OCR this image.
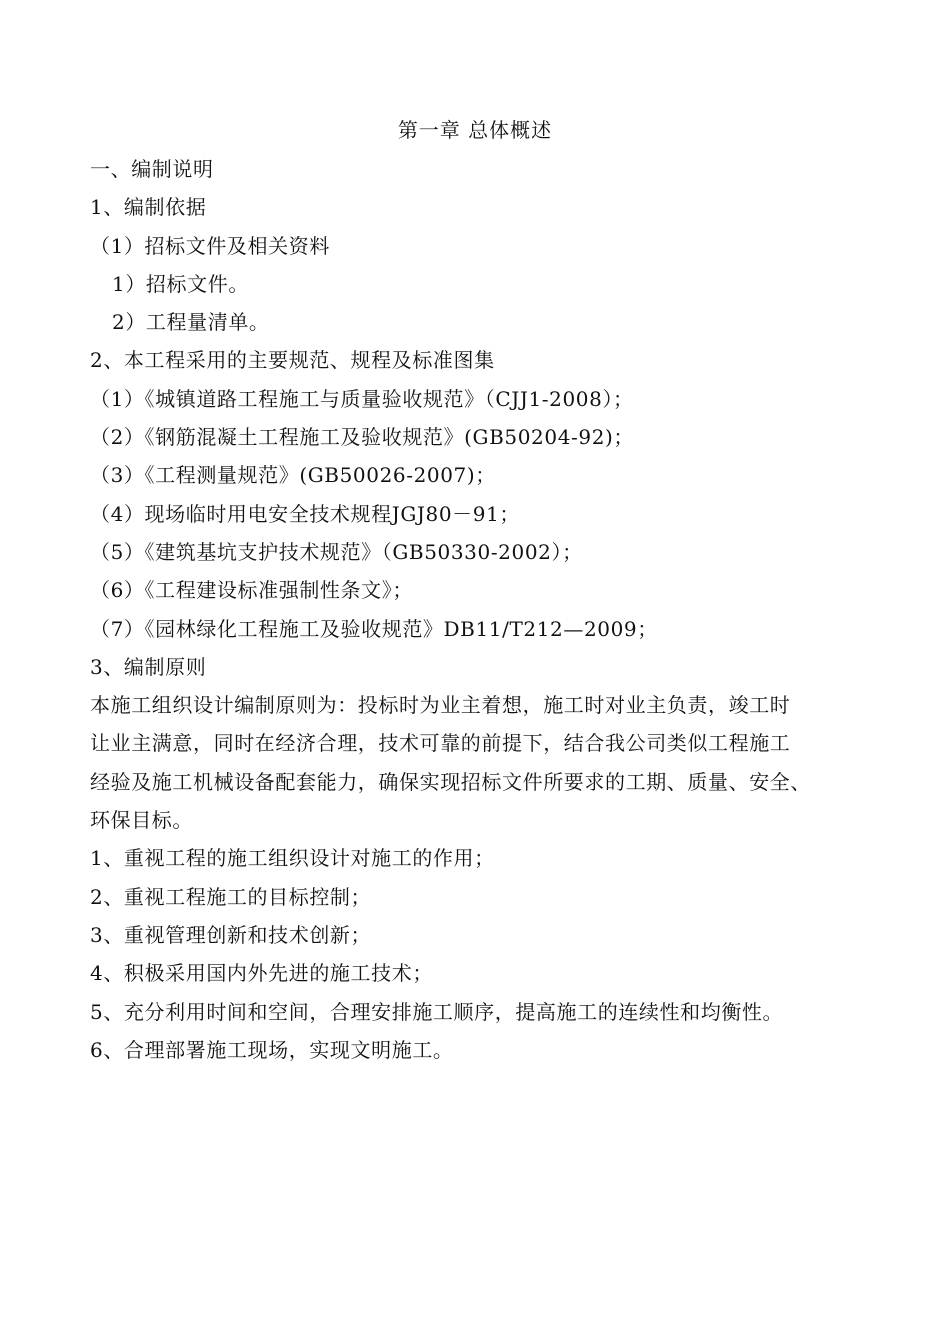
第一章 总体概述
一、编制说明
1、编制依据
（1）招标文件及相关资料
1）招标文件。
2）工程量清单。
2、本工程采用的主要规范、规程及标准图集
（1）《城镇道路工程施工与质量验收规范》（CJJ1-2008）；
（2）《钢筋混凝土工程施工及验收规范》(GB50204-92)；
（3）《工程测量规范》(GB50026-2007)；
（4）现场临时用电安全技术规程JGJ80－91；
（5）《建筑基坑支护技术规范》（GB50330-2002）；
（6）《工程建设标准强制性条文》；
（7）《园林绿化工程施工及验收规范》DB11/T212—2009；
3、编制原则
本施工组织设计编制原则为：投标时为业主着想，施工时对业主负责，竣工时
让业主满意，同时在经济合理，技术可靠的前提下，结合我公司类似工程施工
经验及施工机械设备配套能力，确保实现招标文件所要求的工期、质量、安全、
环保目标。
1、重视工程的施工组织设计对施工的作用；
2、重视工程施工的目标控制；
3、重视管理创新和技术创新；
4、积极采用国内外先进的施工技术；
5、充分利用时间和空间，合理安排施工顺序，提高施工的连续性和均衡性。
6、合理部署施工现场，实现文明施工。
